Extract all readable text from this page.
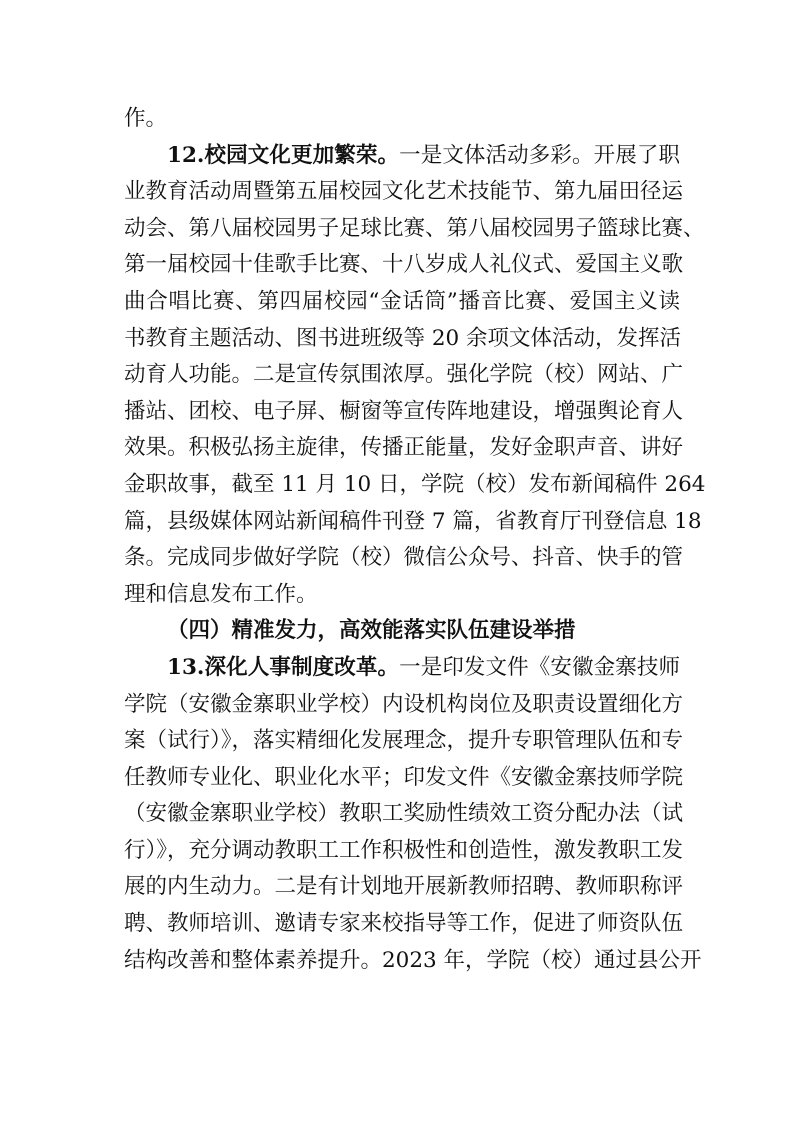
作。
12.校园文化更加繁荣。一是文体活动多彩。开展了职
业教育活动周暨第五届校园文化艺术技能节、第九届田径运
动会、第八届校园男子足球比赛、第八届校园男子篮球比赛、
第一届校园十佳歌手比赛、十八岁成人礼仪式、爱国主义歌
曲合唱比赛、第四届校园“金话筒”播音比赛、爱国主义读
书教育主题活动、图书进班级等 20 余项文体活动，发挥活
动育人功能。二是宣传氛围浓厚。强化学院（校）网站、广
播站、团校、电子屏、橱窗等宣传阵地建设，增强舆论育人
效果。积极弘扬主旋律，传播正能量，发好金职声音、讲好
金职故事，截至 11 月 10 日，学院（校）发布新闻稿件 264
篇，县级媒体网站新闻稿件刊登 7 篇，省教育厅刊登信息 18
条。完成同步做好学院（校）微信公众号、抖音、快手的管
理和信息发布工作。
（四）精准发力，高效能落实队伍建设举措
13.深化人事制度改革。一是印发文件《安徽金寨技师
学院（安徽金寨职业学校）内设机构岗位及职责设置细化方
案（试行）》，落实精细化发展理念，提升专职管理队伍和专
任教师专业化、职业化水平；印发文件《安徽金寨技师学院
（安徽金寨职业学校）教职工奖励性绩效工资分配办法（试
行）》，充分调动教职工工作积极性和创造性，激发教职工发
展的内生动力。二是有计划地开展新教师招聘、教师职称评
聘、教师培训、邀请专家来校指导等工作，促进了师资队伍
结构改善和整体素养提升。2023 年，学院（校）通过县公开
